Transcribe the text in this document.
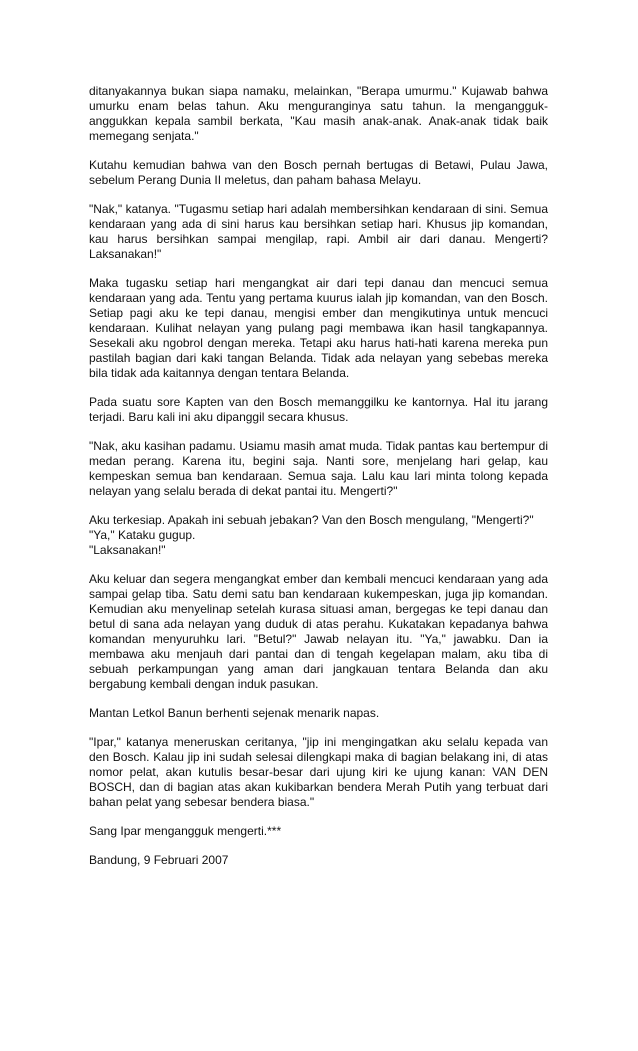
ditanyakannya bukan siapa namaku, melainkan, "Berapa umurmu." Kujawab bahwa umurku enam belas tahun. Aku menguranginya satu tahun. Ia mengangguk-anggukkan kepala sambil berkata, "Kau masih anak-anak. Anak-anak tidak baik memegang senjata."

Kutahu kemudian bahwa van den Bosch pernah bertugas di Betawi, Pulau Jawa, sebelum Perang Dunia II meletus, dan paham bahasa Melayu.

"Nak," katanya. "Tugasmu setiap hari adalah membersihkan kendaraan di sini. Semua kendaraan yang ada di sini harus kau bersihkan setiap hari. Khusus jip komandan, kau harus bersihkan sampai mengilap, rapi. Ambil air dari danau. Mengerti? Laksanakan!"

Maka tugasku setiap hari mengangkat air dari tepi danau dan mencuci semua kendaraan yang ada. Tentu yang pertama kuurus ialah jip komandan, van den Bosch. Setiap pagi aku ke tepi danau, mengisi ember dan mengikutinya untuk mencuci kendaraan. Kulihat nelayan yang pulang pagi membawa ikan hasil tangkapannya. Sesekali aku ngobrol dengan mereka. Tetapi aku harus hati-hati karena mereka pun pastilah bagian dari kaki tangan Belanda. Tidak ada nelayan yang sebebas mereka bila tidak ada kaitannya dengan tentara Belanda.

Pada suatu sore Kapten van den Bosch memanggilku ke kantornya. Hal itu jarang terjadi. Baru kali ini aku dipanggil secara khusus.

"Nak, aku kasihan padamu. Usiamu masih amat muda. Tidak pantas kau bertempur di medan perang. Karena itu, begini saja. Nanti sore, menjelang hari gelap, kau kempeskan semua ban kendaraan. Semua saja. Lalu kau lari minta tolong kepada nelayan yang selalu berada di dekat pantai itu. Mengerti?"

Aku terkesiap. Apakah ini sebuah jebakan? Van den Bosch mengulang, "Mengerti?"
"Ya," Kataku gugup.
"Laksanakan!"

Aku keluar dan segera mengangkat ember dan kembali mencuci kendaraan yang ada sampai gelap tiba. Satu demi satu ban kendaraan kukempeskan, juga jip komandan. Kemudian aku menyelinap setelah kurasa situasi aman, bergegas ke tepi danau dan betul di sana ada nelayan yang duduk di atas perahu. Kukatakan kepadanya bahwa komandan menyuruhku lari. "Betul?" Jawab nelayan itu. "Ya," jawabku. Dan ia membawa aku menjauh dari pantai dan di tengah kegelapan malam, aku tiba di sebuah perkampungan yang aman dari jangkauan tentara Belanda dan aku bergabung kembali dengan induk pasukan.

Mantan Letkol Banun berhenti sejenak menarik napas.

"Ipar," katanya meneruskan ceritanya, "jip ini mengingatkan aku selalu kepada van den Bosch. Kalau jip ini sudah selesai dilengkapi maka di bagian belakang ini, di atas nomor pelat, akan kutulis besar-besar dari ujung kiri ke ujung kanan: VAN DEN BOSCH, dan di bagian atas akan kukibarkan bendera Merah Putih yang terbuat dari bahan pelat yang sebesar bendera biasa."

Sang Ipar mengangguk mengerti.***

Bandung, 9 Februari 2007
